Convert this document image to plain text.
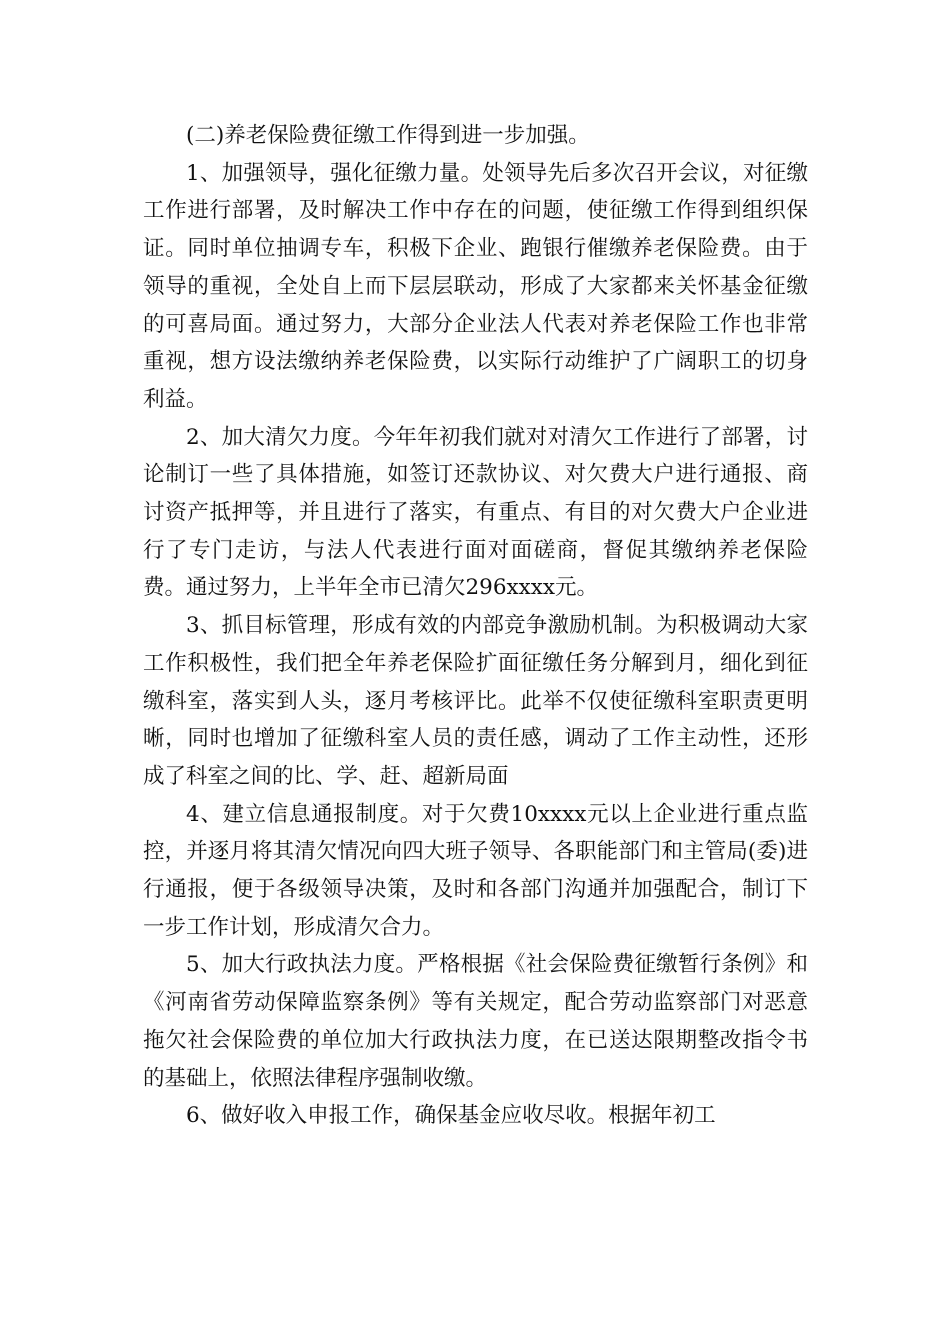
(二)养老保险费征缴工作得到进一步加强。

1、加强领导，强化征缴力量。处领导先后多次召开会议，对征缴工作进行部署，及时解决工作中存在的问题，使征缴工作得到组织保证。同时单位抽调专车，积极下企业、跑银行催缴养老保险费。由于领导的重视，全处自上而下层层联动，形成了大家都来关怀基金征缴的可喜局面。通过努力，大部分企业法人代表对养老保险工作也非常重视，想方设法缴纳养老保险费，以实际行动维护了广阔职工的切身利益。

2、加大清欠力度。今年年初我们就对对清欠工作进行了部署，讨论制订一些了具体措施，如签订还款协议、对欠费大户进行通报、商讨资产抵押等，并且进行了落实，有重点、有目的对欠费大户企业进行了专门走访，与法人代表进行面对面磋商，督促其缴纳养老保险费。通过努力，上半年全市已清欠296xxxx元。

3、抓目标管理，形成有效的内部竞争激励机制。为积极调动大家工作积极性，我们把全年养老保险扩面征缴任务分解到月，细化到征缴科室，落实到人头，逐月考核评比。此举不仅使征缴科室职责更明晰，同时也增加了征缴科室人员的责任感，调动了工作主动性，还形成了科室之间的比、学、赶、超新局面

4、建立信息通报制度。对于欠费10xxxx元以上企业进行重点监控，并逐月将其清欠情况向四大班子领导、各职能部门和主管局(委)进行通报，便于各级领导决策，及时和各部门沟通并加强配合，制订下一步工作计划，形成清欠合力。

5、加大行政执法力度。严格根据《社会保险费征缴暂行条例》和《河南省劳动保障监察条例》等有关规定，配合劳动监察部门对恶意拖欠社会保险费的单位加大行政执法力度，在已送达限期整改指令书的基础上，依照法律程序强制收缴。

6、做好收入申报工作，确保基金应收尽收。根据年初工
